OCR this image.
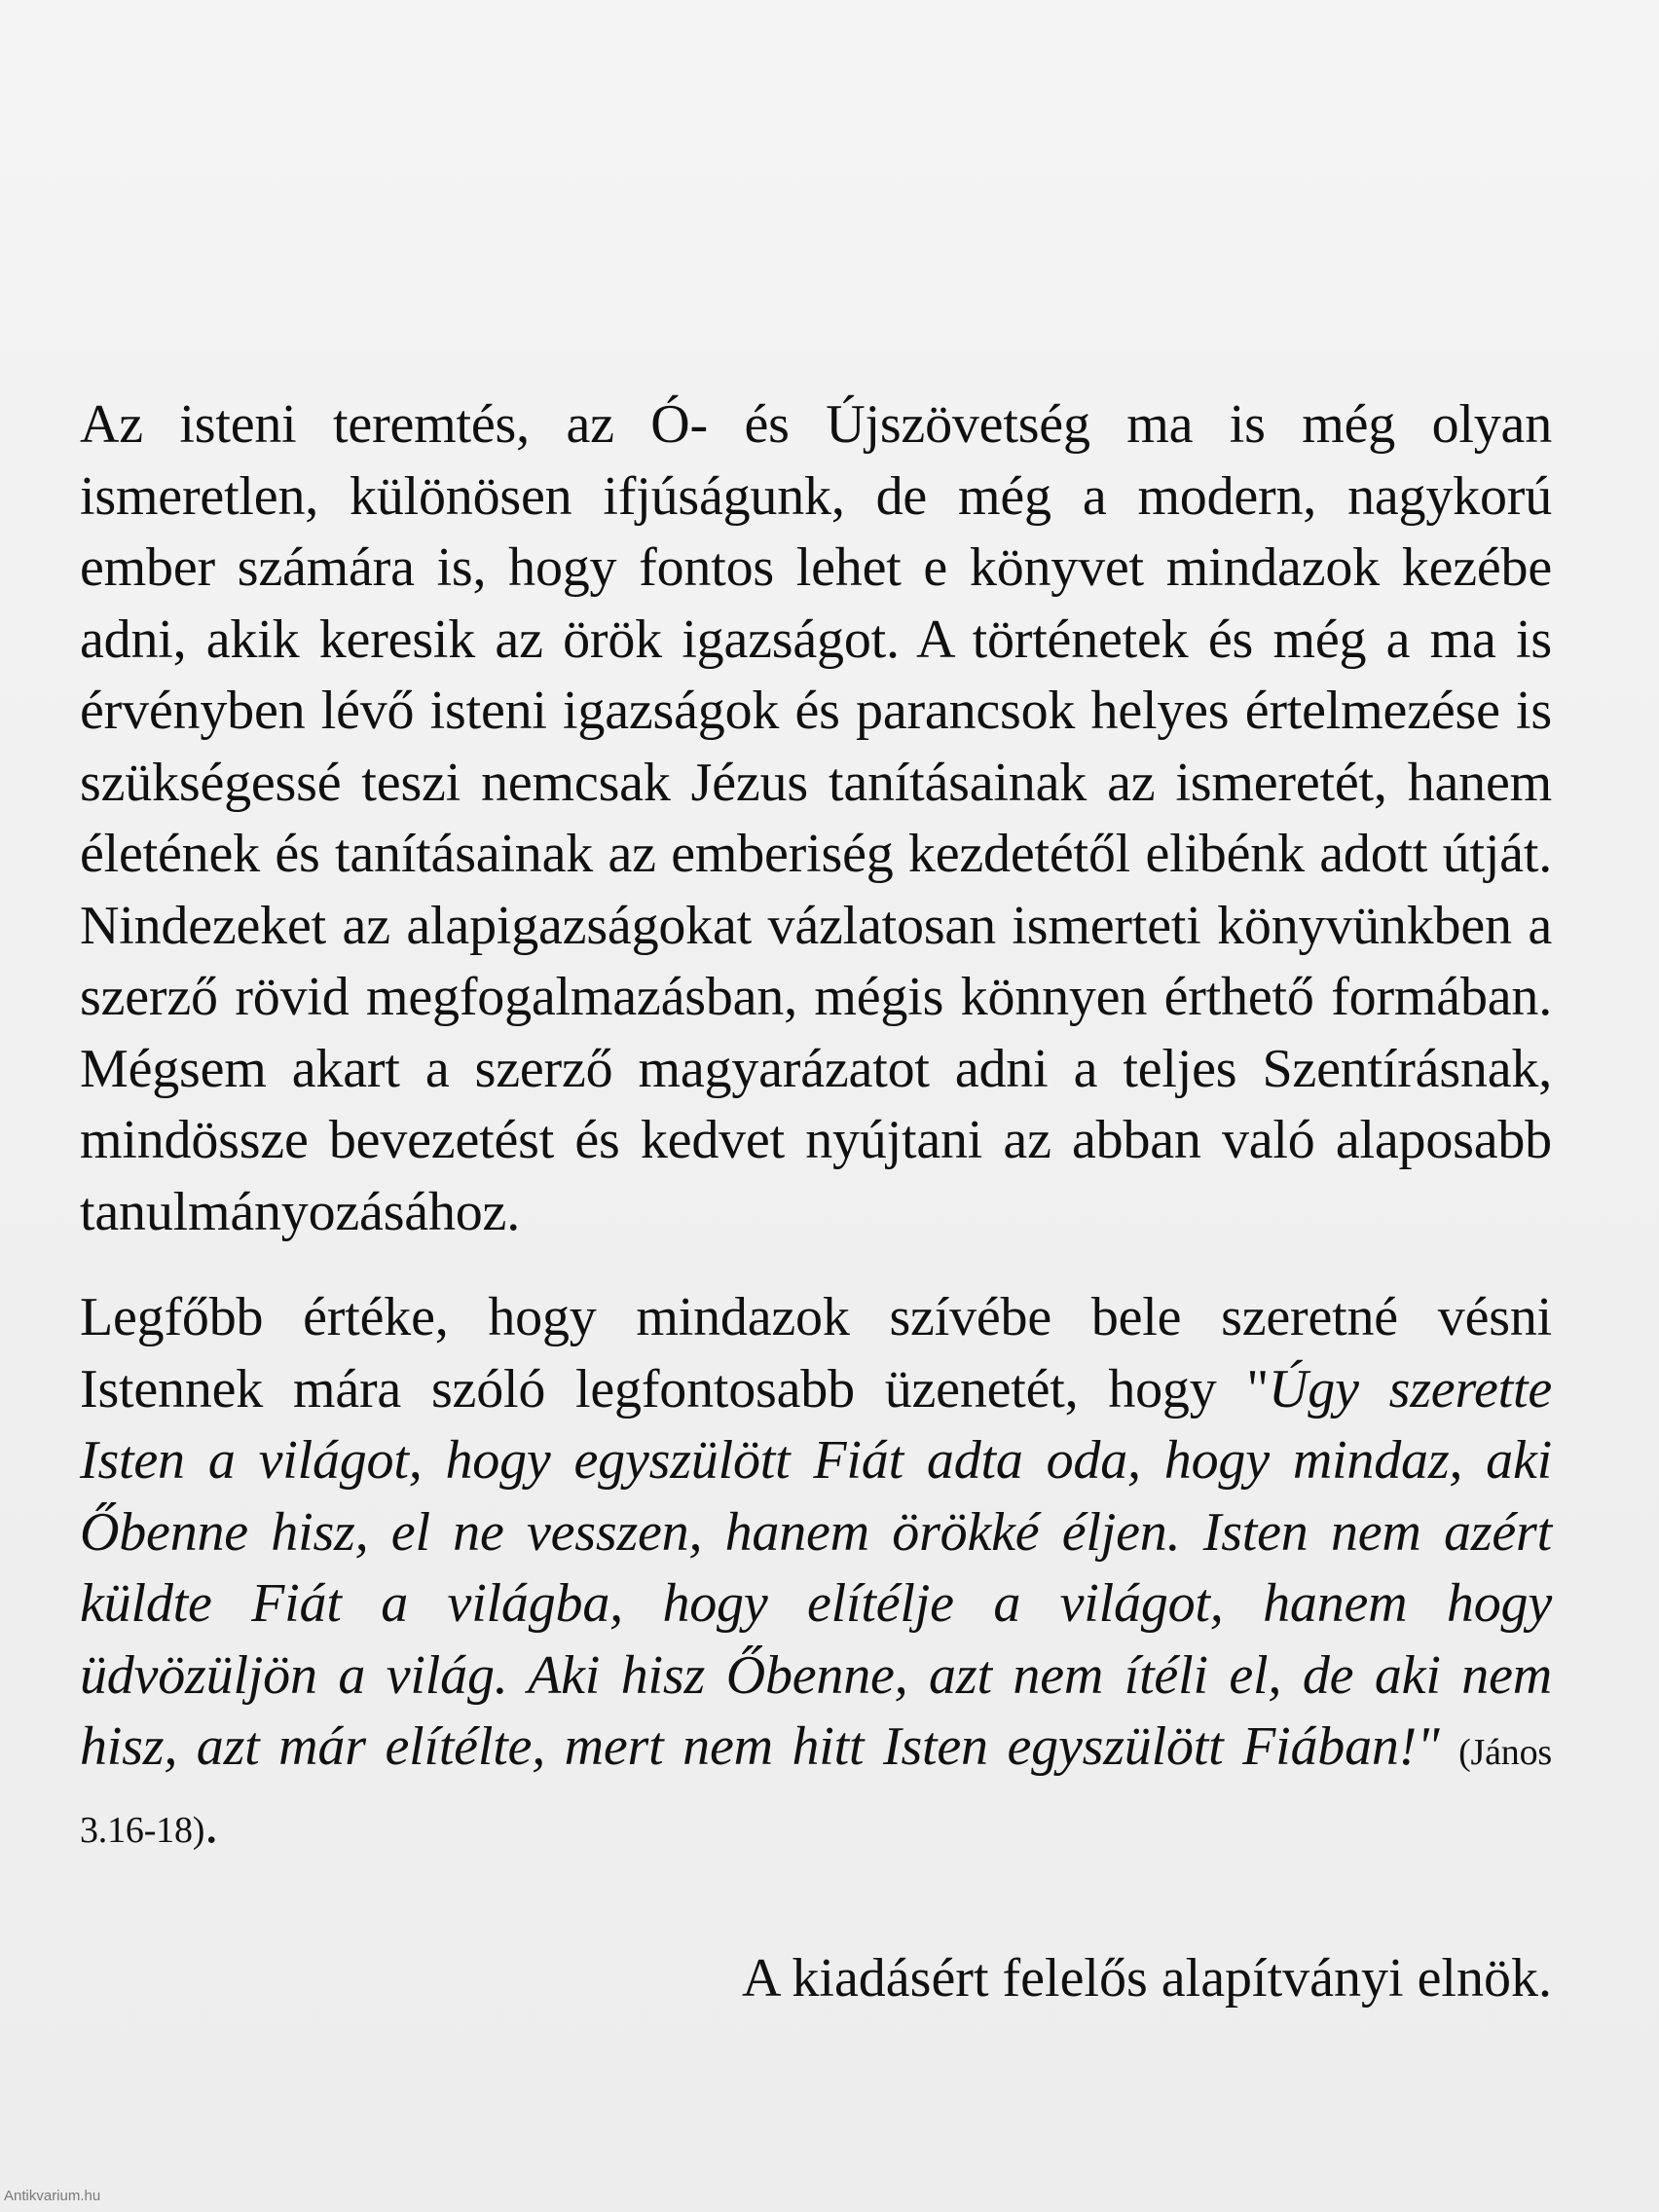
Az isteni teremtés, az Ó- és Újszövetség ma is még olyan ismeretlen, különösen ifjúságunk, de még a modern, nagykorú ember számára is, hogy fontos lehet e könyvet mindazok kezébe adni, akik keresik az örök igazságot. A történetek és még a ma is érvényben lévő isteni igazságok és parancsok helyes értelmezése is szükségessé teszi nemcsak Jézus tanításainak az ismeretét, hanem életének és tanításainak az emberiség kezdetétől elibénk adott útját. Nindezeket az alapigazságokat vázlatosan ismerteti könyvünkben a szerző rövid megfogalmazásban, mégis könnyen érthető formában. Mégsem akart a szerző magyarázatot adni a teljes Szentírásnak, mindössze bevezetést és kedvet nyújtani az abban való alaposabb tanulmányozásához.

Legfőbb értéke, hogy mindazok szívébe bele szeretné vésni Istennek mára szóló legfontosabb üzenetét, hogy "Úgy szerette Isten a világot, hogy egyszülött Fiát adta oda, hogy mindaz, aki Őbenne hisz, el ne vesszen, hanem örökké éljen. Isten nem azért küldte Fiát a világba, hogy elítélje a világot, hanem hogy üdvözüljön a világ. Aki hisz Őbenne, azt nem ítéli el, de aki nem hisz, azt már elítélte, mert nem hitt Isten egyszülött Fiában!" (János 3.16-18).

A kiadásért felelős alapítványi elnök.

Antikvarium.hu
